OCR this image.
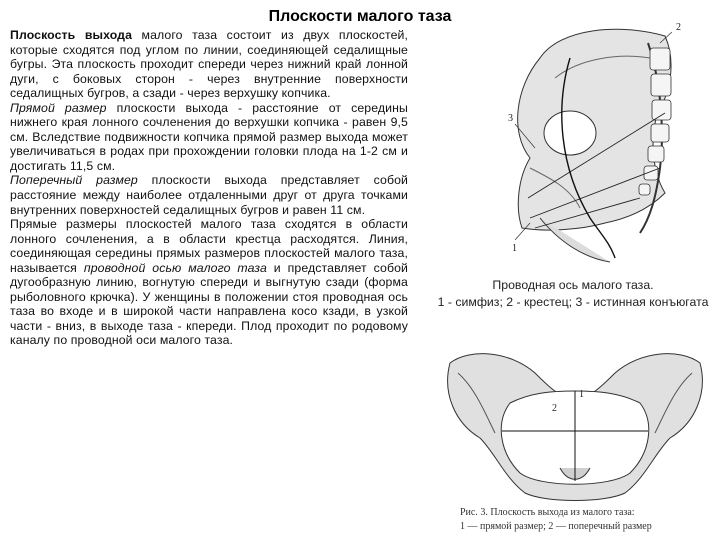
Плоскости малого таза

Плоскость выхода малого таза состоит из двух плоскостей, которые сходятся под углом по линии, соединяющей седалищные бугры. Эта плоскость проходит спереди через нижний край лонной дуги, с боковых сторон - через внутренние поверхности седалищных бугров, а сзади - через верхушку копчика.

Прямой размер плоскости выхода - расстояние от середины нижнего края лонного сочленения до верхушки копчика - равен 9,5 см. Вследствие подвижности копчика прямой размер выхода может увеличиваться в родах при прохождении головки плода на 1-2 см и достигать 11,5 см.

Поперечный размер плоскости выхода представляет собой расстояние между наиболее отдаленными друг от друга точками внутренних поверхностей седалищных бугров и равен 11 см.

Прямые размеры плоскостей малого таза сходятся в области лонного сочленения, а в области крестца расходятся. Линия, соединяющая середины прямых размеров плоскостей малого таза, называется проводной осью малого таза и представляет собой дугообразную линию, вогнутую спереди и выгнутую сзади (форма рыболовного крючка). У женщины в положении стоя проводная ось таза во входе и в широкой части направлена косо кзади, в узкой части - вниз, в выходе таза - кпереди. Плод проходит по родовому каналу по проводной оси малого таза.

1
2
3
Проводная ось малого таза.
1 - симфиз; 2 - крестец; 3 - истинная конъюгата
1
2
Рис. 3. Плоскость выхода из малого таза:
1 — прямой размер; 2 — поперечный размер
